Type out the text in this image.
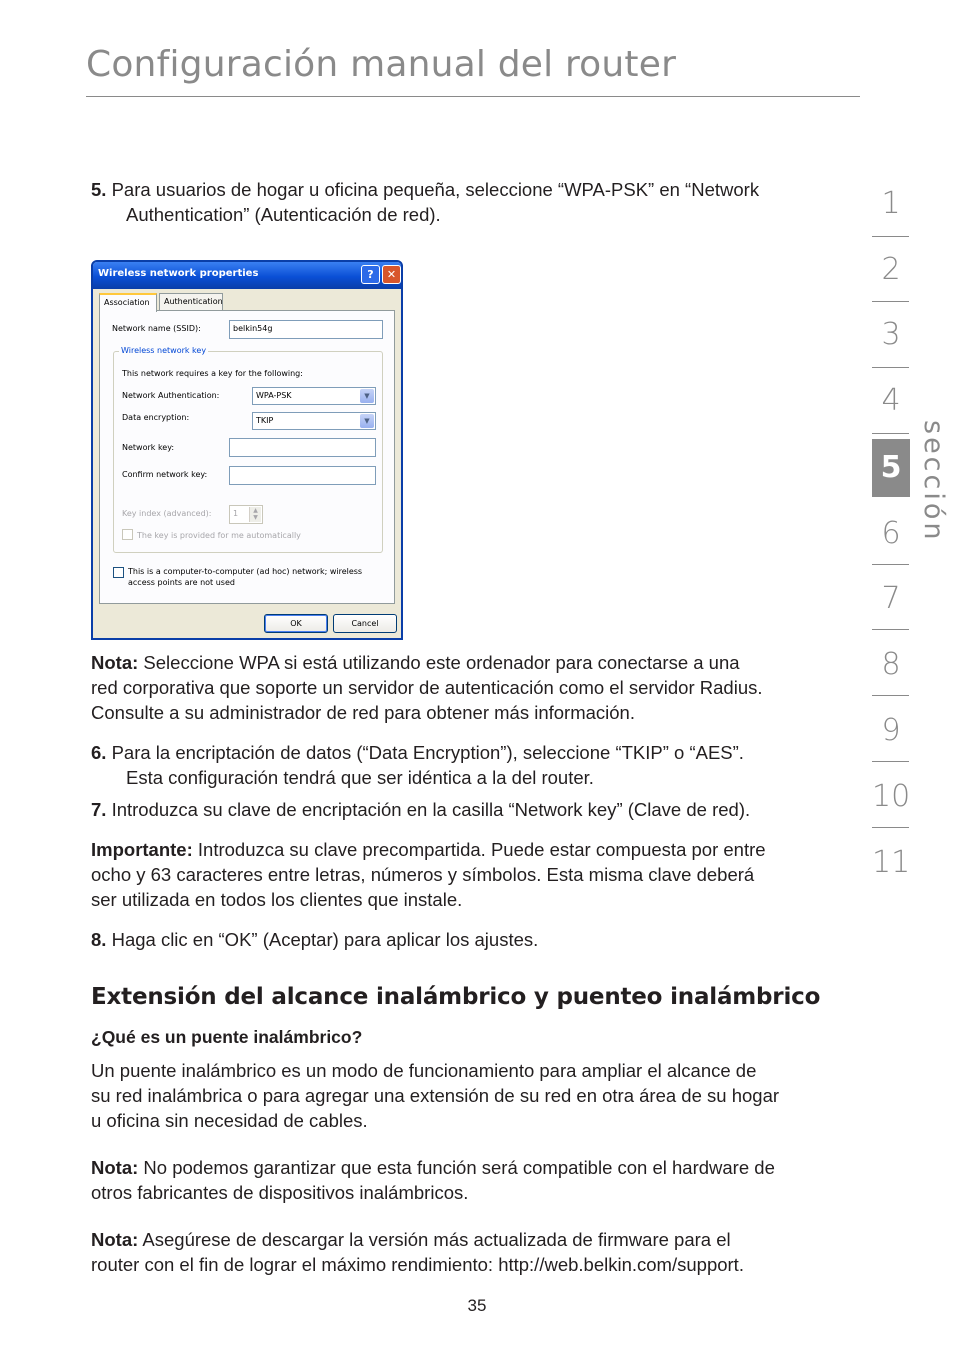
Configuración manual del router

5. Para usuarios de hogar u oficina pequeña, seleccione “WPA-PSK” en “Network
Authentication” (Autenticación de red).

Wireless network properties	?	✕
Association	Authentication
Network name (SSID):	belkin54g
Wireless network key
This network requires a key for the following:
Network Authentication:	WPA-PSK	▼
Data encryption:	TKIP	▼
Network key:
Confirm network key:
Key index (advanced):	1	▲
▼
The key is provided for me automatically
This is a computer-to-computer (ad hoc) network; wireless
access points are not used
OK	Cancel

Nota: Seleccione WPA si está utilizando este ordenador para conectarse a una
red corporativa que soporte un servidor de autenticación como el servidor Radius.
Consulte a su administrador de red para obtener más información.

6. Para la encriptación de datos (“Data Encryption”), seleccione “TKIP” o “AES”.
Esta configuración tendrá que ser idéntica a la del router.

7. Introduzca su clave de encriptación en la casilla “Network key” (Clave de red).

Importante: Introduzca su clave precompartida. Puede estar compuesta por entre
ocho y 63 caracteres entre letras, números y símbolos. Esta misma clave deberá
ser utilizada en todos los clientes que instale.

8. Haga clic en “OK” (Aceptar) para aplicar los ajustes.

Extensión del alcance inalámbrico y puenteo inalámbrico
¿Qué es un puente inalámbrico?

Un puente inalámbrico es un modo de funcionamiento para ampliar el alcance de
su red inalámbrica o para agregar una extensión de su red en otra área de su hogar
u oficina sin necesidad de cables.

Nota: No podemos garantizar que esta función será compatible con el hardware de
otros fabricantes de dispositivos inalámbricos.

Nota: Asegúrese de descargar la versión más actualizada de firmware para el
router con el fin de lograr el máximo rendimiento: http://web.belkin.com/support.

35
1
2
3
4
5
6
7
8
9
10
11
sección
